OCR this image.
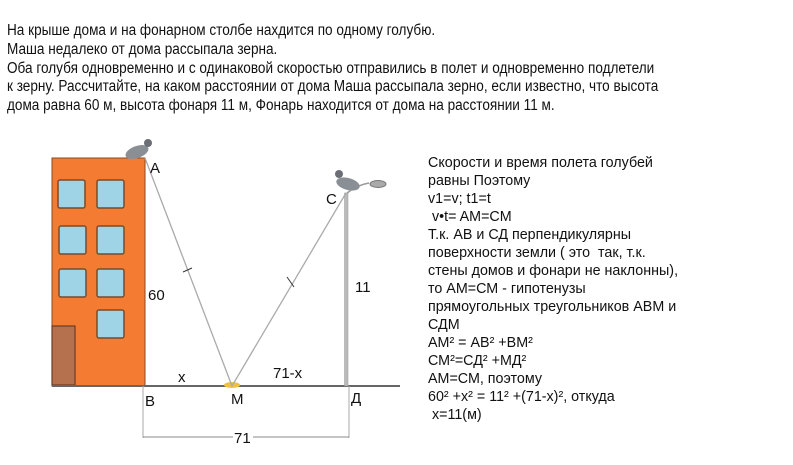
На крыше дома и на фонарном столбе нахдится по одному голубю.
Маша недалеко от дома рассыпала зерна.
Оба голубя одновременно и с одинаковой скоростью отправились в полет и одновременно подлетели
к зерну. Рассчитайте, на каком расстоянии от дома Маша рассыпала зерно, если известно, что высота
дома равна 60 м, высота фонаря 11 м, Фонарь находится от дома на расстоянии 11 м.
A
C
60	11
x	71-x
B	M	Д
71
Скорости и время полета голубей
равны Поэтому
v1=v; t1=t
v•t= AM=CM
Т.к. АВ и СД перпендикулярны
поверхности земли ( это  так, т.к.
стены домов и фонари не наклонны),
то АМ=СМ - гипотенузы
прямоугольных треугольников АВМ и
СДМ
АМ² = АВ² +ВМ²
СМ²=СД² +МД²
АМ=СМ, поэтому
60² +х² = 11² +(71-х)², откуда
х=11(м)
